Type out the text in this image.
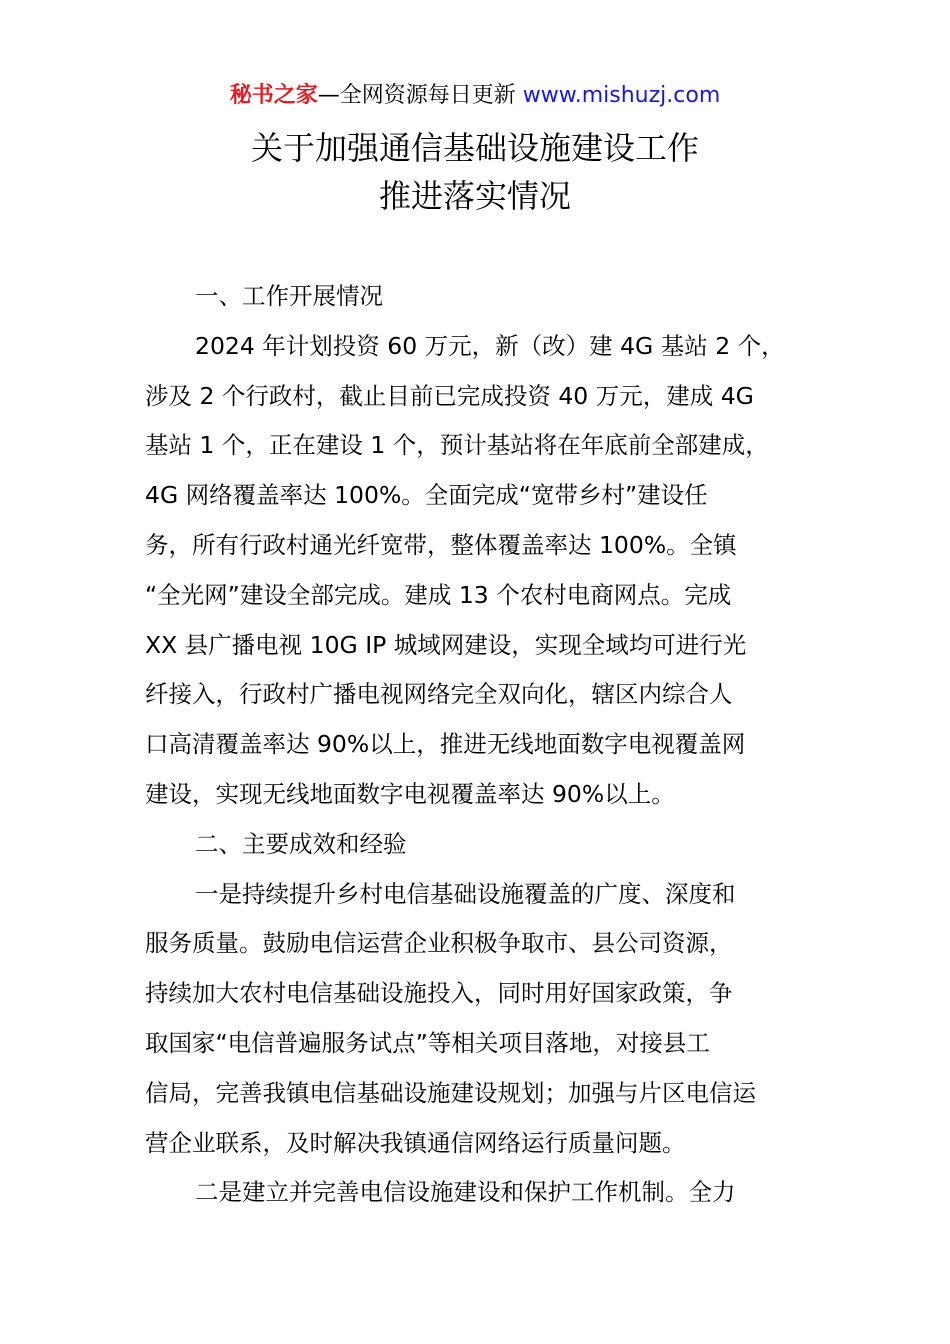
秘书之家—全网资源每日更新 www.mishuzj.com
关于加强通信基础设施建设工作
推进落实情况
一、工作开展情况
2024 年计划投资 60 万元，新（改）建 4G 基站 2 个，
涉及 2 个行政村，截止目前已完成投资 40 万元，建成 4G
基站 1 个，正在建设 1 个，预计基站将在年底前全部建成，
4G 网络覆盖率达 100%。全面完成“宽带乡村”建设任
务，所有行政村通光纤宽带，整体覆盖率达 100%。全镇
“全光网”建设全部完成。建成 13 个农村电商网点。完成
XX 县广播电视 10G IP 城域网建设，实现全域均可进行光
纤接入，行政村广播电视网络完全双向化，辖区内综合人
口高清覆盖率达 90%以上，推进无线地面数字电视覆盖网
建设，实现无线地面数字电视覆盖率达 90%以上。
二、主要成效和经验
一是持续提升乡村电信基础设施覆盖的广度、深度和
服务质量。鼓励电信运营企业积极争取市、县公司资源，
持续加大农村电信基础设施投入，同时用好国家政策，争
取国家“电信普遍服务试点”等相关项目落地，对接县工
信局，完善我镇电信基础设施建设规划；加强与片区电信运
营企业联系，及时解决我镇通信网络运行质量问题。
二是建立并完善电信设施建设和保护工作机制。全力
